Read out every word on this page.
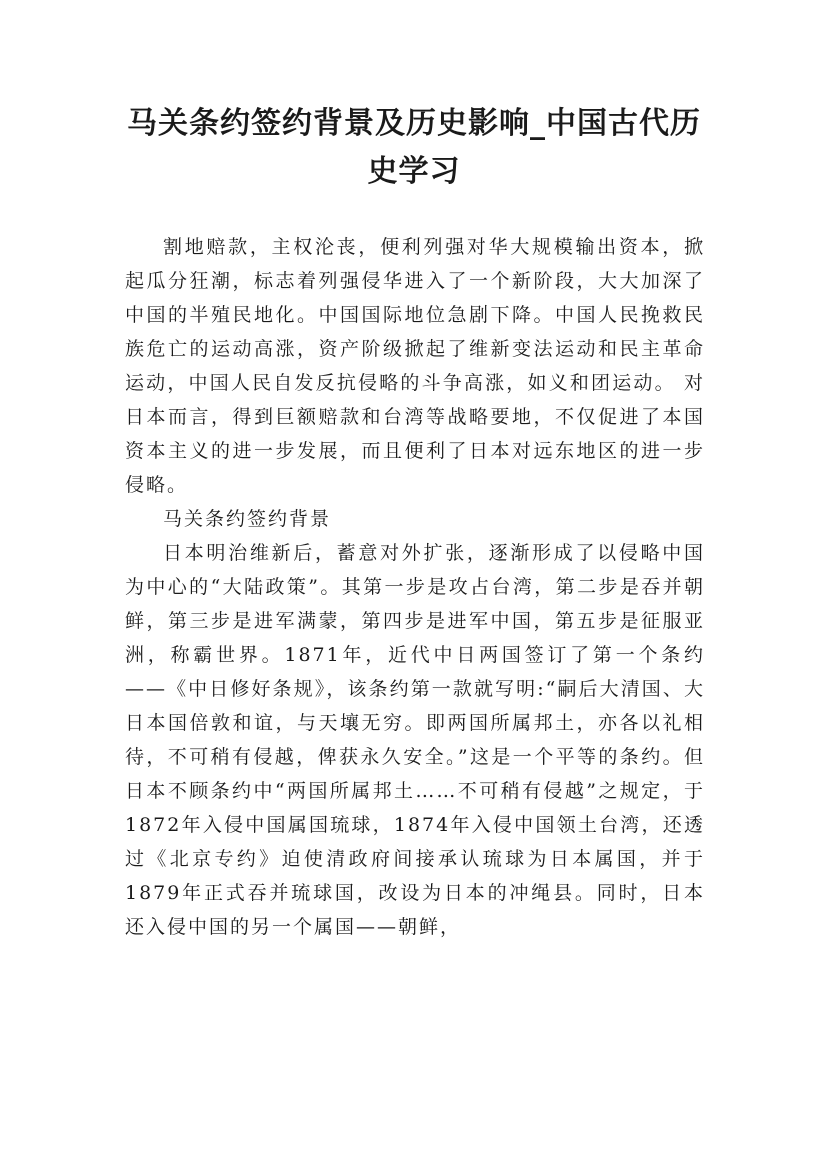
马关条约签约背景及历史影响_中国古代历史学习

割地赔款，主权沦丧，便利列强对华大规模输出资本，掀起瓜分狂潮，标志着列强侵华进入了一个新阶段，大大加深了中国的半殖民地化。中国国际地位急剧下降。中国人民挽救民族危亡的运动高涨，资产阶级掀起了维新变法运动和民主革命运动，中国人民自发反抗侵略的斗争高涨，如义和团运动。 对日本而言，得到巨额赔款和台湾等战略要地，不仅促进了本国资本主义的进一步发展，而且便利了日本对远东地区的进一步侵略。

马关条约签约背景

日本明治维新后，蓄意对外扩张，逐渐形成了以侵略中国为中心的“大陆政策”。其第一步是攻占台湾，第二步是吞并朝鲜，第三步是进军满蒙，第四步是进军中国，第五步是征服亚洲，称霸世界。1871年，近代中日两国签订了第一个条约——《中日修好条规》，该条约第一款就写明:“嗣后大清国、大日本国倍敦和谊，与天壤无穷。即两国所属邦土，亦各以礼相待，不可稍有侵越，俾获永久安全。”这是一个平等的条约。但日本不顾条约中“两国所属邦土……不可稍有侵越”之规定，于1872年入侵中国属国琉球，1874年入侵中国领土台湾，还透过《北京专约》迫使清政府间接承认琉球为日本属国，并于1879年正式吞并琉球国，改设为日本的冲绳县。同时，日本还入侵中国的另一个属国——朝鲜，
